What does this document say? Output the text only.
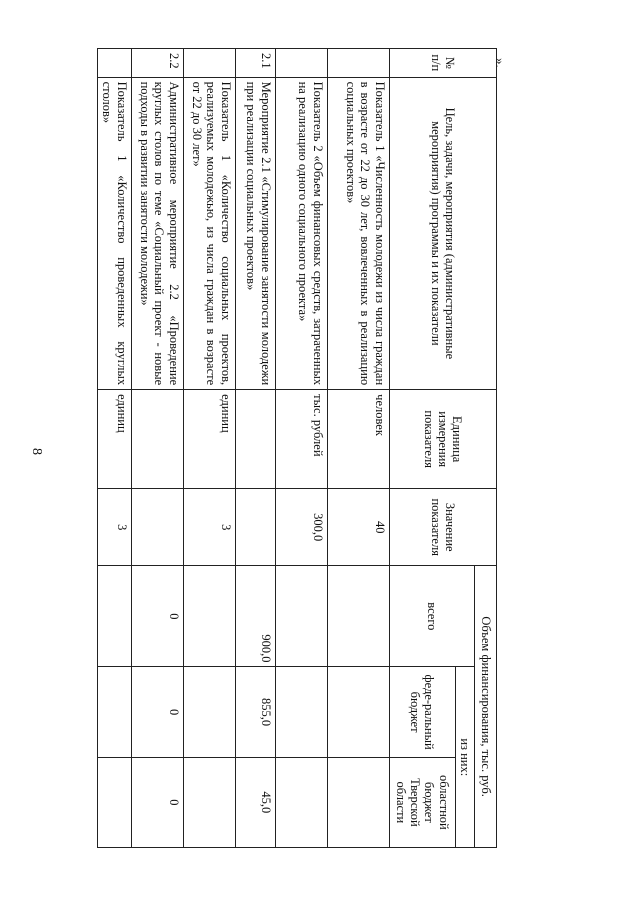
8
».
№ п/п	Цель, задачи, мероприятия (административные мероприятия) программы и их показатели	Единица измерения показателя	Значение показателя	Объем финансирования, тыс. руб.		
				всего	из них:	
					феде-ральный бюджет	областной бюджет Тверской области
	Показатель 1 «Численность молодежи из числа граждан в возрасте от 22 до 30 лет, вовлеченных в реализацию социальных проектов»	человек	40			
	Показатель 2 «Объем финансовых средств, затраченных на реализацию одного социального проекта»	тыс. рублей	300,0			
2.1	Мероприятие 2.1 «Стимулирование занятости молодежи при реализации социальных проектов»			900,0	855,0	45,0
	Показатель 1 «Количество социальных проектов, реализуемых молодежью, из числа граждан в возрасте от 22 до 30 лет»	единиц	3			
2.2	Административное мероприятие 2.2 «Проведение круглых столов по теме «Социальный проект - новые подходы в развитии занятости молодежи»			0	0	0
	Показатель 1 «Количество проведенных круглых столов»	единиц	3			
